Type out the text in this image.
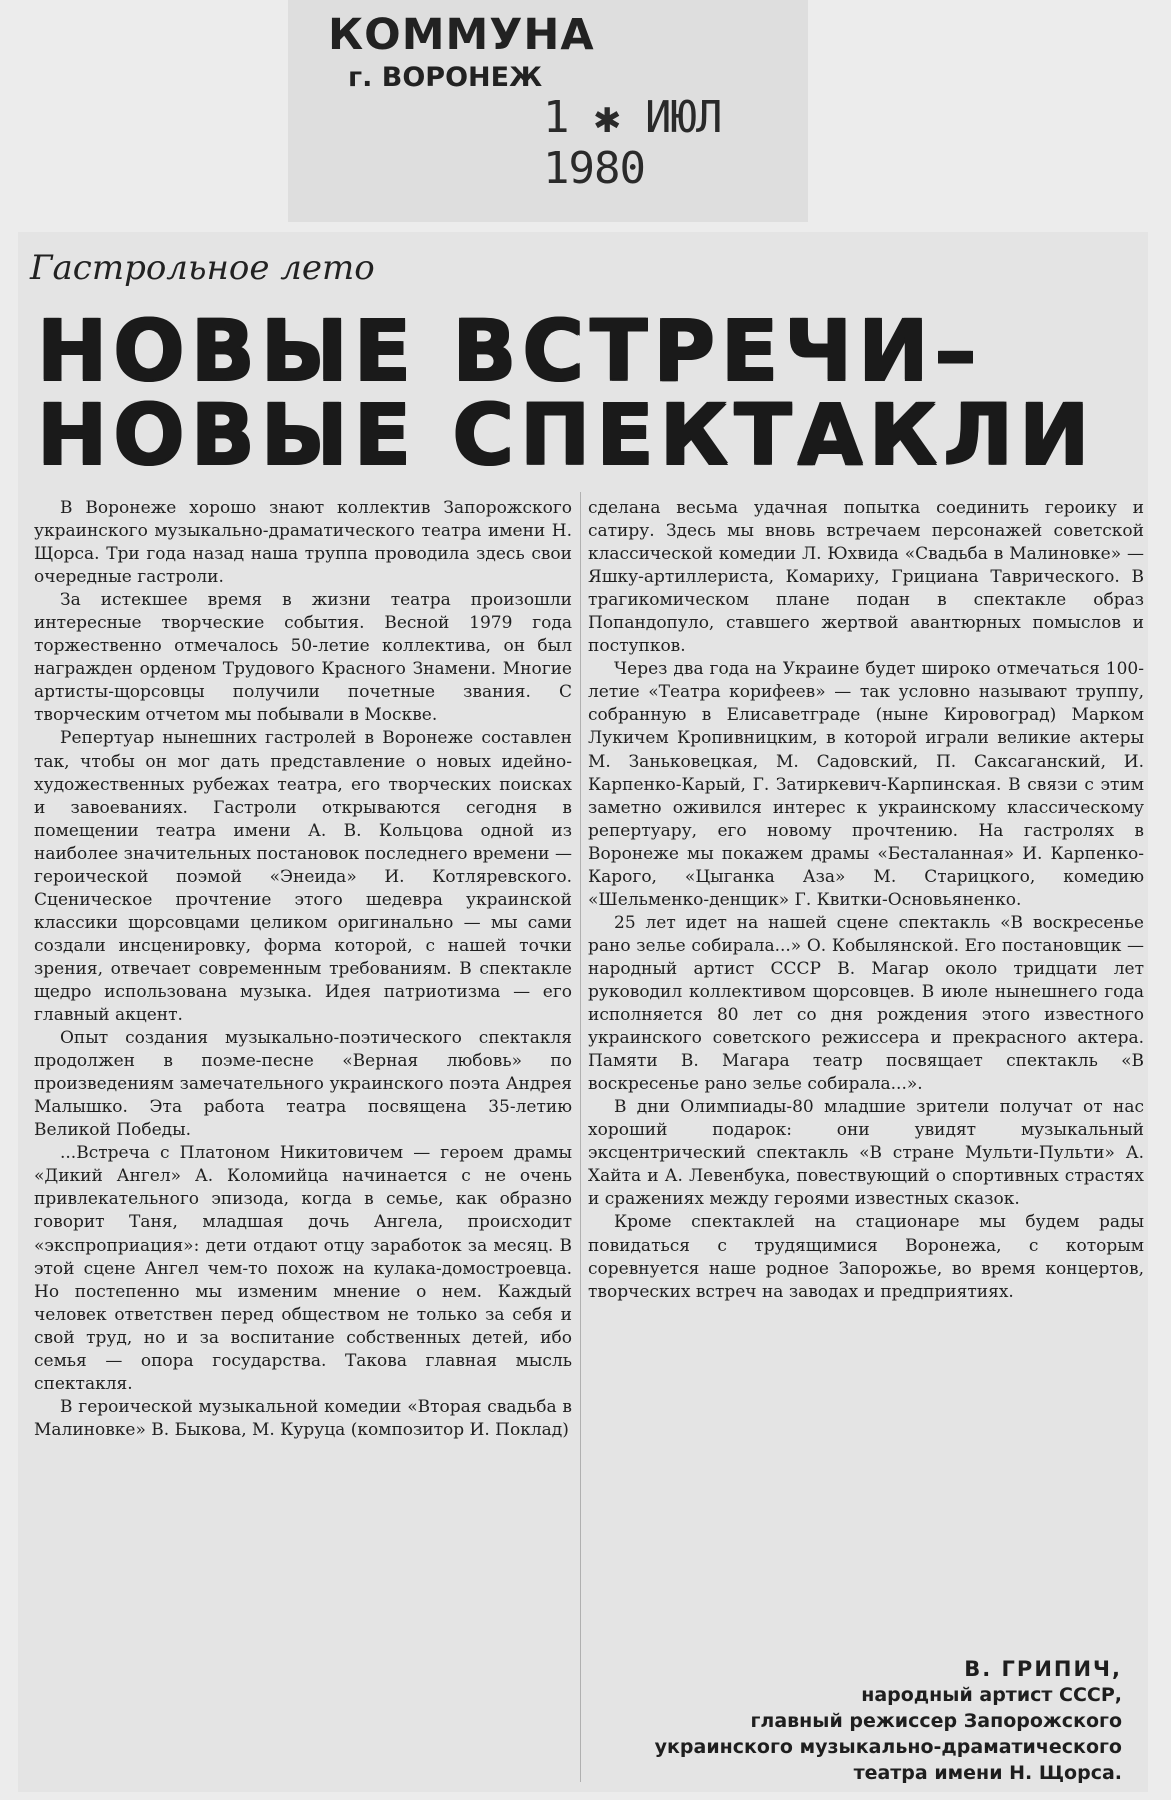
КОММУНА
г. ВОРОНЕЖ
1 ✱ ИЮЛ 1980
Гастрольное лето
НОВЫЕ ВСТРЕЧИ–
НОВЫЕ СПЕКТАКЛИ

В Воронеже хорошо знают коллектив Запорожского украинского музыкально-драматического театра имени Н. Щорса. Три года назад наша труппа проводила здесь свои очередные гастроли.

За истекшее время в жизни театра произошли интересные творческие события. Весной 1979 года торжественно отмечалось 50-летие коллектива, он был награжден орденом Трудового Красного Знамени. Многие артисты-щорсовцы получили почетные звания. С творческим отчетом мы побывали в Москве.

Репертуар нынешних гастролей в Воронеже составлен так, чтобы он мог дать представление о новых идейно-художественных рубежах театра, его творческих поисках и завоеваниях. Гастроли открываются сегодня в помещении театра имени А. В. Кольцова одной из наиболее значительных постановок последнего времени — героической поэмой «Энеида» И. Котляревского. Сценическое прочтение этого шедевра украинской классики щорсовцами целиком оригинально — мы сами создали инсценировку, форма которой, с нашей точки зрения, отвечает современным требованиям. В спектакле щедро использована музыка. Идея патриотизма — его главный акцент.

Опыт создания музыкально-поэтического спектакля продолжен в поэме-песне «Верная любовь» по произведениям замечательного украинского поэта Андрея Малышко. Эта работа театра посвящена 35-летию Великой Победы.

...Встреча с Платоном Никитовичем — героем драмы «Дикий Ангел» А. Коломийца начинается с не очень привлекательного эпизода, когда в семье, как образно говорит Таня, младшая дочь Ангела, происходит «экспроприация»: дети отдают отцу заработок за месяц. В этой сцене Ангел чем-то похож на кулака-домостроевца. Но постепенно мы изменим мнение о нем. Каждый человек ответствен перед обществом не только за себя и свой труд, но и за воспитание собственных детей, ибо семья — опора государства. Такова главная мысль спектакля.

В героической музыкальной комедии «Вторая свадьба в Малиновке» В. Быкова, М. Куруца (композитор И. Поклад)

сделана весьма удачная попытка соединить героику и сатиру. Здесь мы вновь встречаем персонажей советской классической комедии Л. Юхвида «Свадьба в Малиновке» — Яшку-артиллериста, Комариху, Грициана Таврического. В трагикомическом плане подан в спектакле образ Попандопуло, ставшего жертвой авантюрных помыслов и поступков.

Через два года на Украине будет широко отмечаться 100-летие «Театра корифеев» — так условно называют труппу, собранную в Елисаветграде (ныне Кировоград) Марком Лукичем Кропивницким, в которой играли великие актеры М. Заньковецкая, М. Садовский, П. Саксаганский, И. Карпенко-Карый, Г. Затиркевич-Карпинская. В связи с этим заметно оживился интерес к украинскому классическому репертуару, его новому прочтению. На гастролях в Воронеже мы покажем драмы «Бесталанная» И. Карпенко-Карого, «Цыганка Аза» М. Старицкого, комедию «Шельменко-денщик» Г. Квитки-Основьяненко.

25 лет идет на нашей сцене спектакль «В воскресенье рано зелье собирала...» О. Кобылянской. Его постановщик — народный артист СССР В. Магар около тридцати лет руководил коллективом щорсовцев. В июле нынешнего года исполняется 80 лет со дня рождения этого известного украинского советского режиссера и прекрасного актера. Памяти В. Магара театр посвящает спектакль «В воскресенье рано зелье собирала...».

В дни Олимпиады-80 младшие зрители получат от нас хороший подарок: они увидят музыкальный эксцентрический спектакль «В стране Мульти-Пульти» А. Хайта и А. Левенбука, повествующий о спортивных страстях и сражениях между героями известных сказок.

Кроме спектаклей на стационаре мы будем рады повидаться с трудящимися Воронежа, с которым соревнуется наше родное Запорожье, во время концертов, творческих встреч на заводах и предприятиях.

В. ГРИПИЧ,
народный артист СССР,
главный режиссер Запорожского
украинского музыкально-драматического
театра имени Н. Щорса.
